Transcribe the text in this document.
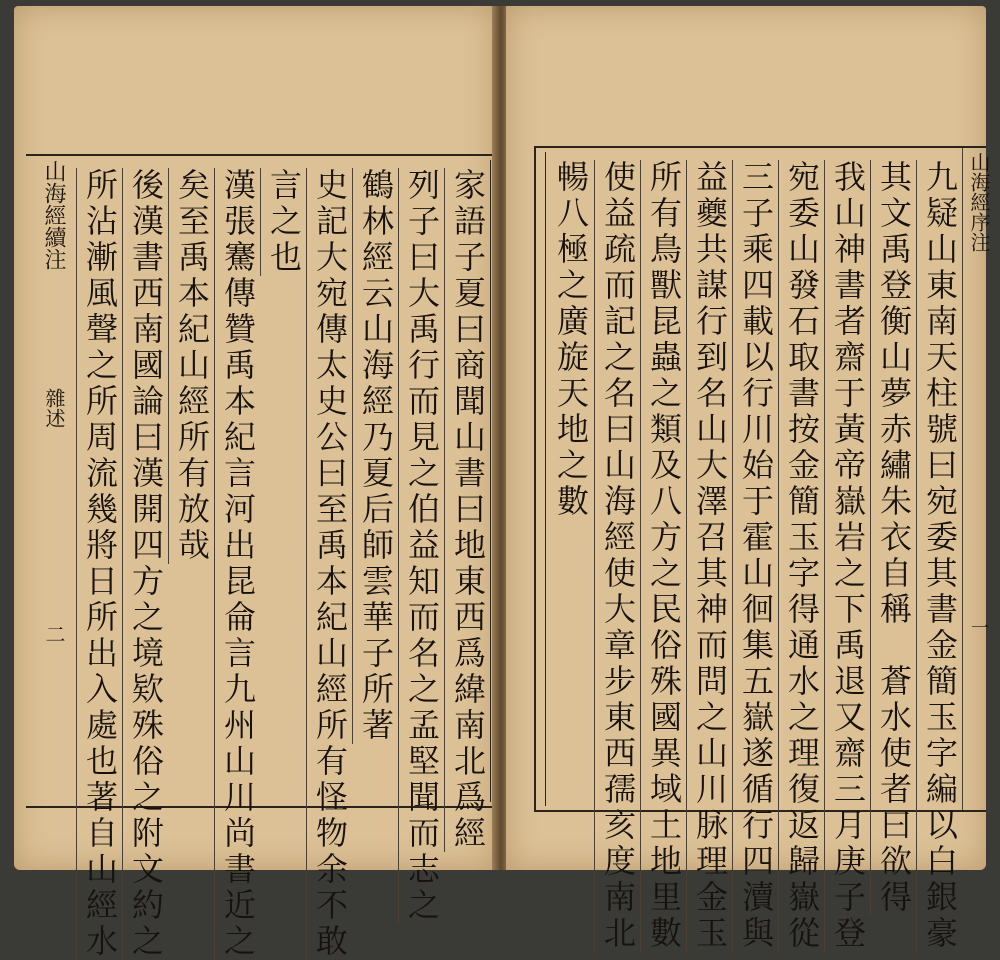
山海經續注
雜述
二 所沾漸風聲之所周流幾將日所出入處也著自山經水 後漢書西南國論曰漢開四方之境欵殊俗之附文約之 矣至禹本紀山經所有放哉 漢張騫傳贊禹本紀言河出昆侖言九州山川尚書近之 言之也 史記大宛傳太史公曰至禹本紀山經所有怪物余不敢 鶴林經云山海經乃夏后師雲華子所著 列子曰大禹行而見之伯益知而名之孟堅聞而志之 家語子夏曰商聞山書曰地東西爲緯南北爲經 暢八極之廣旋天地之數 使益疏而記之名曰山海經使大章步東西孺亥度南北 所有鳥獸昆蟲之類及八方之民俗殊國異域土地里數 益夔共謀行到名山大澤召其神而問之山川脉理金玉 三子乘四載以行川始于霍山徊集五嶽遂循行四瀆與 宛委山發石取書按金簡玉字得通水之理復返歸嶽從 我山神書者齋于黃帝嶽岩之下禹退又齋三月庚子登 其文禹登衡山夢赤繡朱衣自稱　蒼水使者曰欲得 九疑山東南天柱號曰宛委其書金簡玉字編以白銀豪 山海經序注
一
